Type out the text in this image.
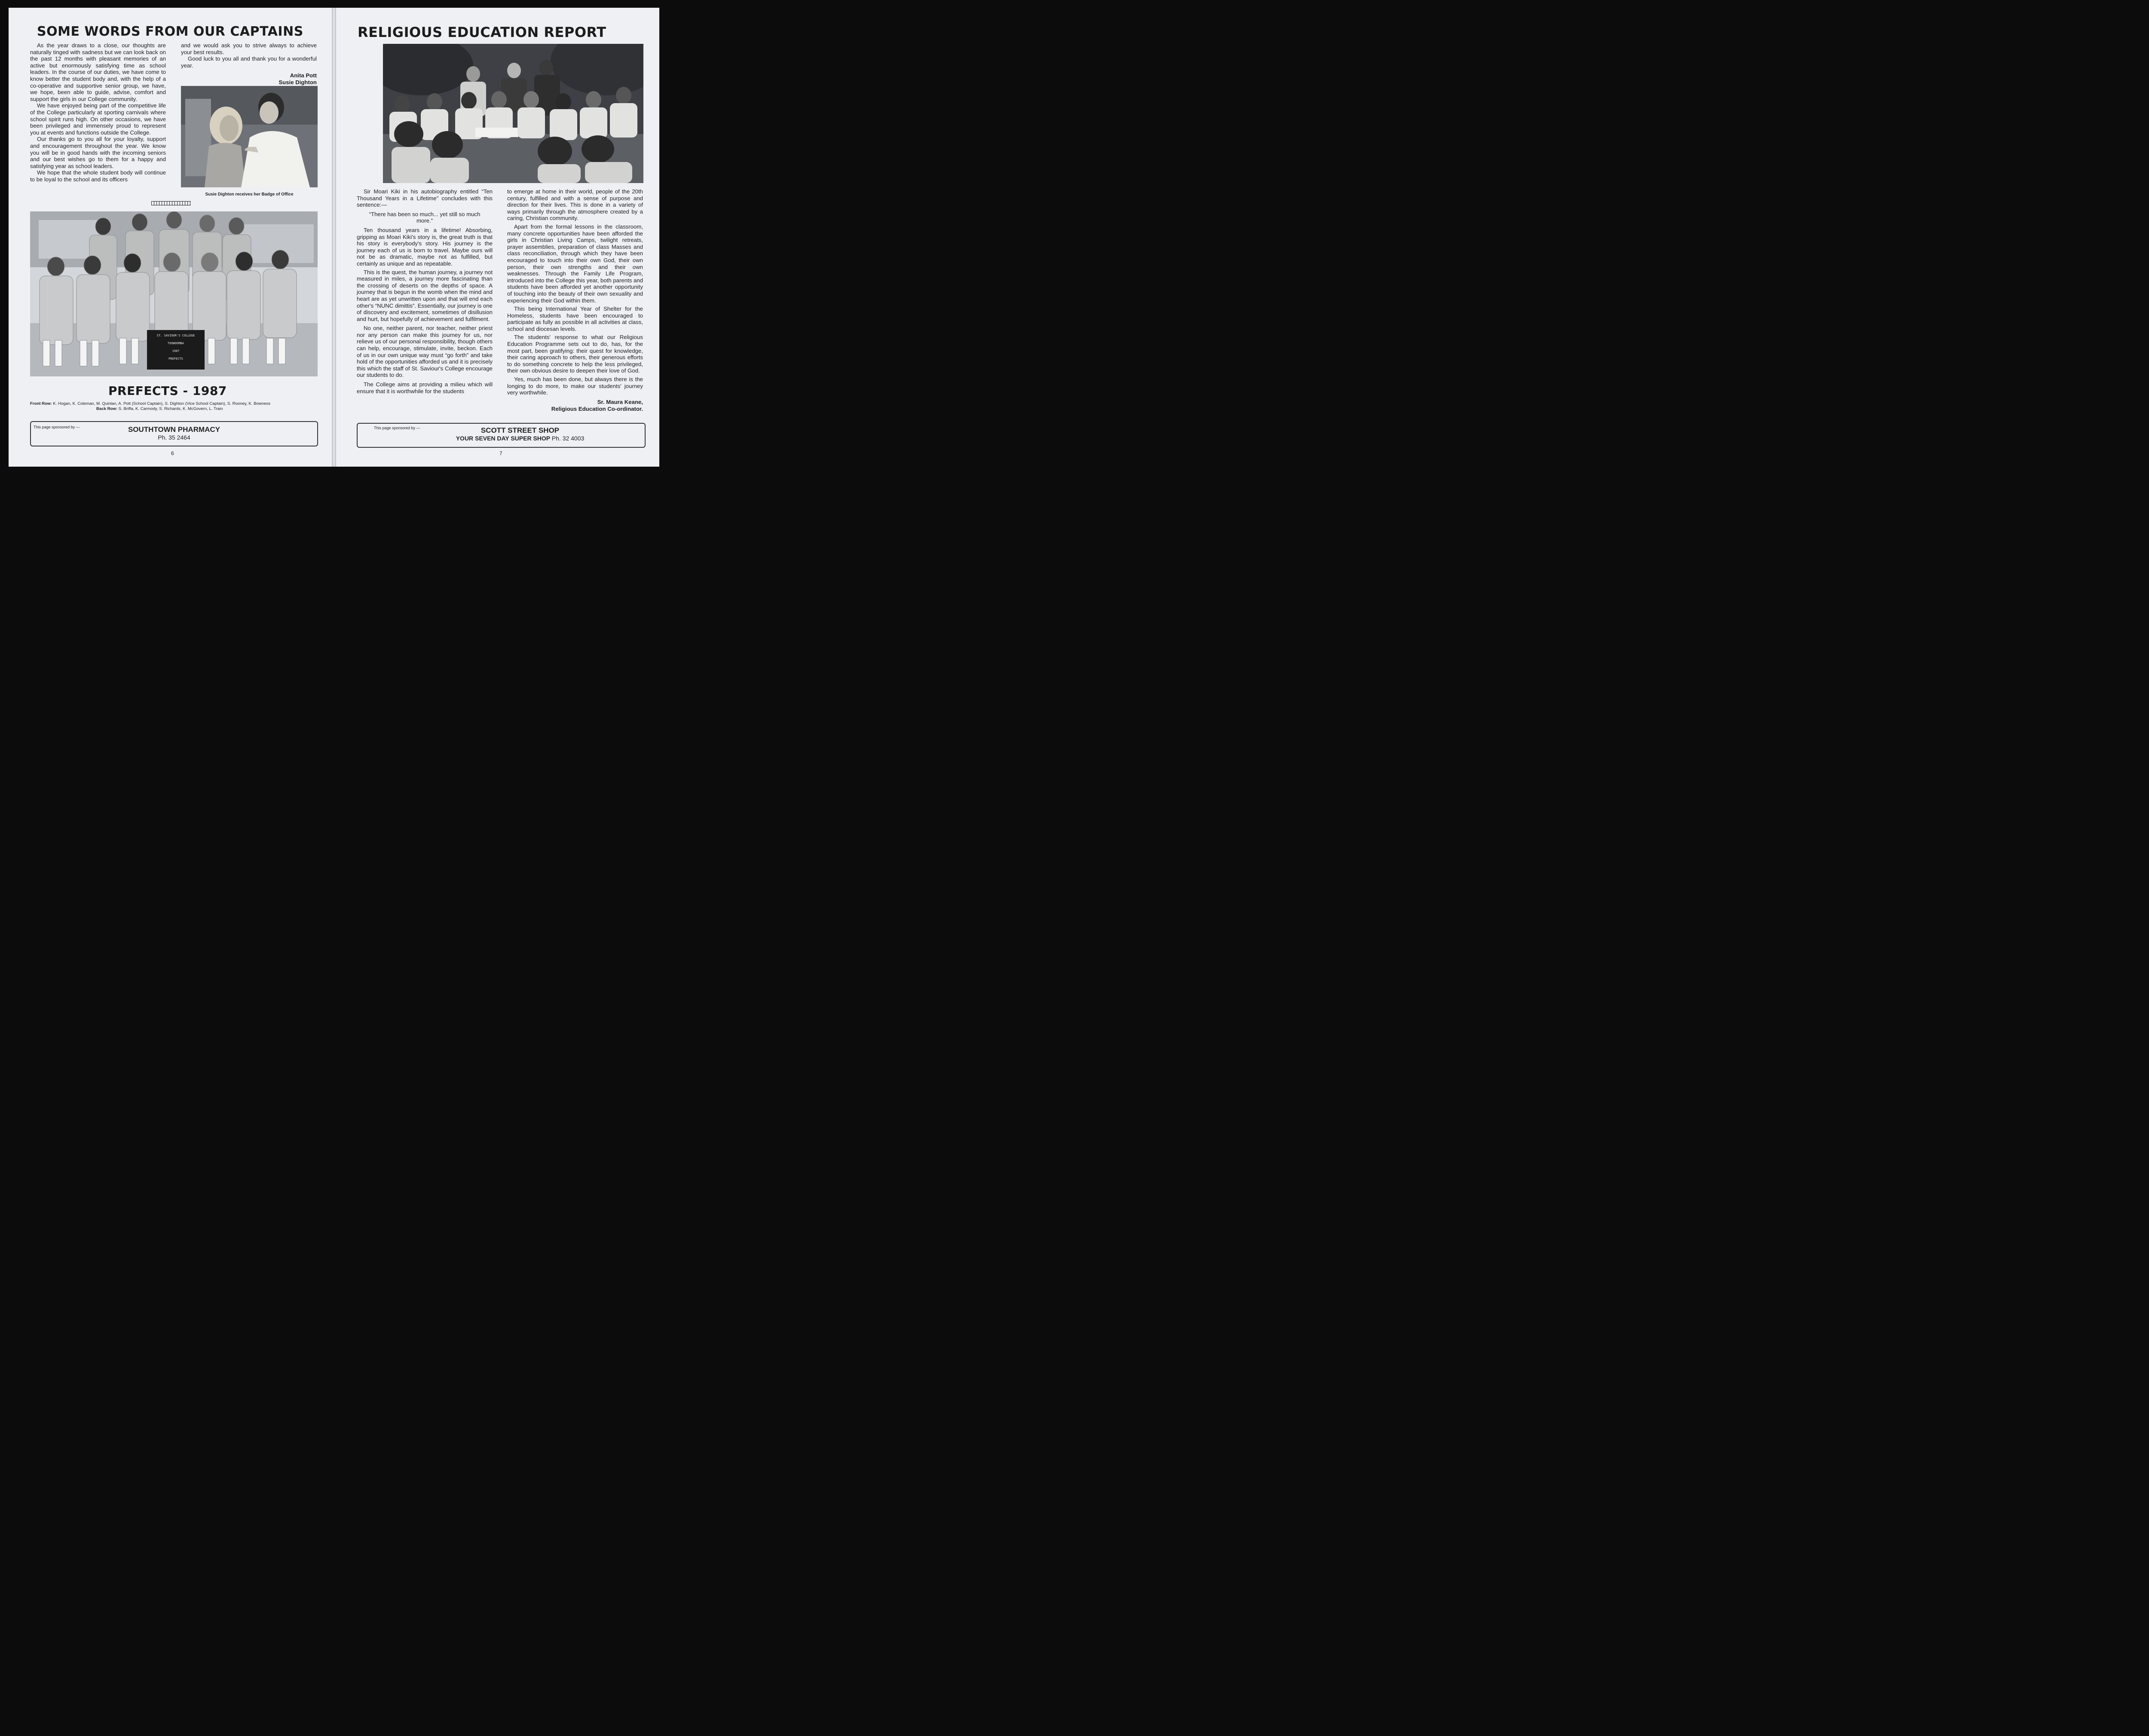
SOME WORDS FROM OUR CAPTAINS

As the year draws to a close, our thoughts are naturally tinged with sadness but we can look back on the past 12 months with pleasant memories of an active but enormously satisfying time as school leaders. In the course of our duties, we have come to know better the student body and, with the help of a co-operative and supportive senior group, we have, we hope, been able to guide, advise, comfort and support the girls in our College community.

We have enjoyed being part of the competitive life of the College particularly at sporting carnivals where school spirit runs high. On other occasions, we have been privileged and immensely proud to represent you at events and functions outside the College.

Our thanks go to you all for your loyalty, support and encouragement throughout the year. We know you will be in good hands with the incoming seniors and our best wishes go to them for a happy and satisfying year as school leaders.

We hope that the whole student body will continue to be loyal to the school and its officers

and we would ask you to strive always to achieve your best results.

Good luck to you all and thank you for a wonderful year.

Anita Pott
Susie Dighton
Susie Dighton receives her Badge of Office
ST. SAVIOUR'S COLLEGE
TOOWOOMBA
1987
PREFECTS
PREFECTS - 1987
Front Row: K. Hogan, K. Coleman, M. Quinlan, A. Pott (School Captain), S. Dighton (Vice School Captain), S. Rooney, K. Bowness
Back Row: S. Briffa, K. Carmody, S. Richards, K. McGovern, L. Train
This page sponsored by —	SOUTHTOWN PHARMACY
Ph. 35 2464
6
RELIGIOUS EDUCATION REPORT

Sir Moari Kiki in his autobiography entitled “Ten Thousand Years in a Lifetime” concludes with this sentence:—

“There has been so much... yet still so much more.”

Ten thousand years in a lifetime! Absorbing, gripping as Moari Kiki's story is, the great truth is that his story is everybody's story. His journey is the journey each of us is born to travel. Maybe ours will not be as dramatic, maybe not as fulfilled, but certainly as unique and as repeatable.

This is the quest, the human journey, a journey not measured in miles, a journey more fascinating than the crossing of deserts on the depths of space. A journey that is begun in the womb when the mind and heart are as yet unwritten upon and that will end each other's “NUNC dimittis”. Essentially, our journey is one of discovery and excitement, sometimes of disillusion and hurt, but hopefully of achievement and fulfilment.

No one, neither parent, nor teacher, neither priest nor any person can make this journey for us, nor relieve us of our personal responsibility, though others can help, encourage, stimulate, invite, beckon. Each of us in our own unique way must “go forth” and take hold of the opportunities afforded us and it is precisely this which the staff of St. Saviour's College encourage our students to do.

The College aims at providing a milieu which will ensure that it is worthwhile for the students

to emerge at home in their world, people of the 20th century, fulfilled and with a sense of purpose and direction for their lives. This is done in a variety of ways primarily through the atmosphere created by a caring, Christian community.

Apart from the formal lessons in the classroom, many concrete opportunities have been afforded the girls in Christian Living Camps, twilight retreats, prayer assemblies, preparation of class Masses and class reconciliation, through which they have been encouraged to touch into their own God, their own person, their own strengths and their own weaknesses. Through the Family Life Program, introduced into the College this year, both parents and students have been afforded yet another opportunity of touching into the beauty of their own sexuality and experiencing their God within them.

This being International Year of Shelter for the Homeless, students have been encouraged to participate as fully as possible in all activities at class, school and diocesan levels.

The students' response to what our Religious Education Programme sets out to do, has, for the most part, been gratifying: their quest for knowledge, their caring approach to others, their generous efforts to do something concrete to help the less privileged, their own obvious desire to deepen their love of God.

Yes, much has been done, but always there is the longing to do more, to make our students' journey very worthwhile.

Sr. Maura Keane,
Religious Education Co-ordinator.
This page sponsored by —	SCOTT STREET SHOP
YOUR SEVEN DAY SUPER SHOP Ph. 32 4003
7
